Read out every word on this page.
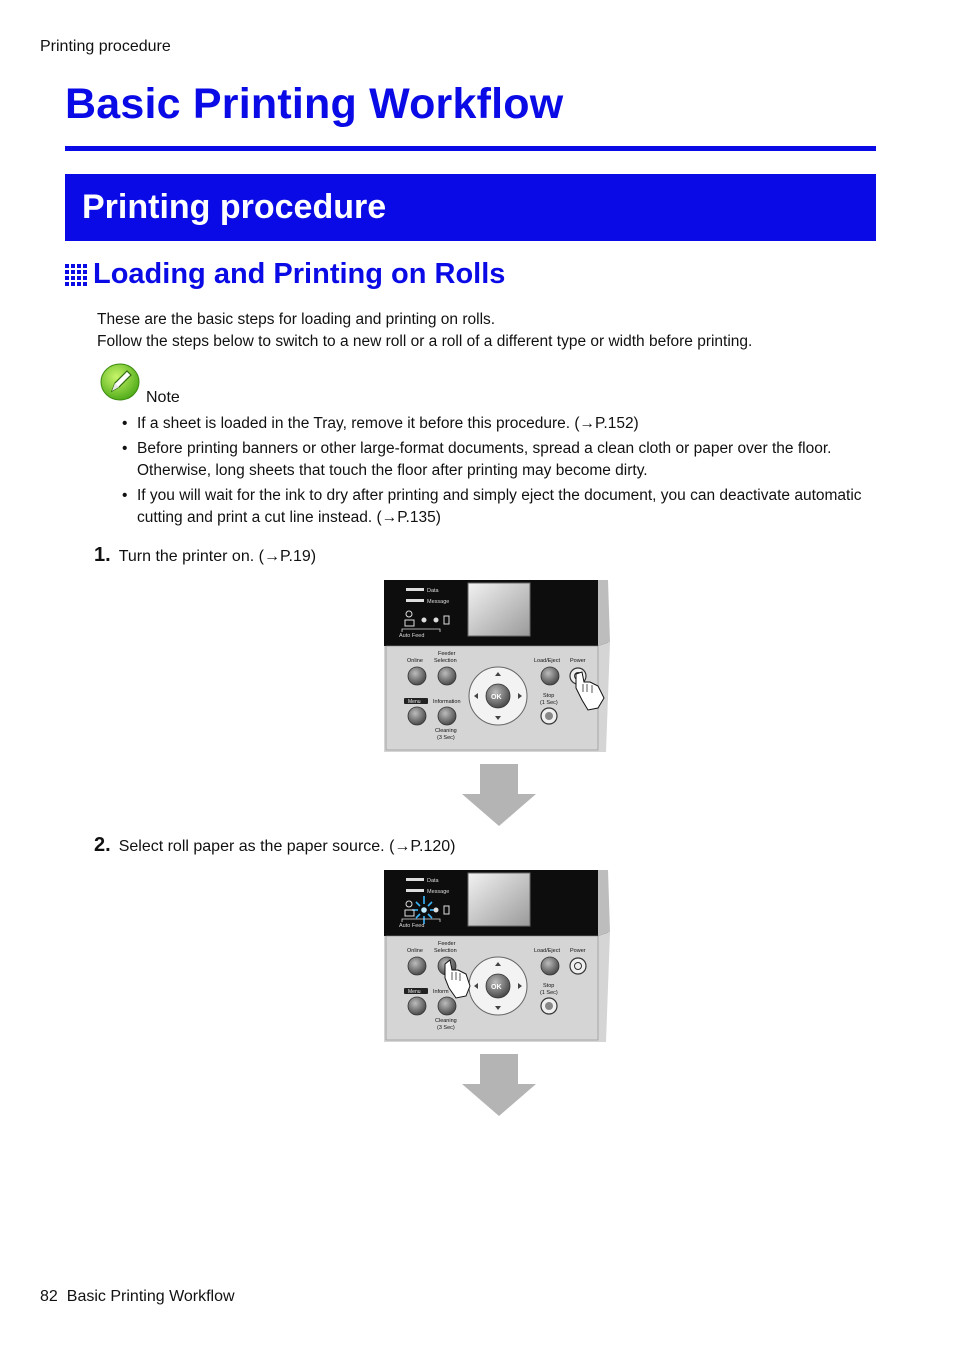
Printing procedure
Basic Printing Workflow
Printing procedure
Loading and Printing on Rolls

These are the basic steps for loading and printing on rolls.

Follow the steps below to switch to a new roll or a roll of a different type or width before printing.

Note
• If a sheet is loaded in the Tray, remove it before this procedure. (→P.152)
• Before printing banners or other large-format documents, spread a clean cloth or paper over the floor. Otherwise, long sheets that touch the floor after printing may become dirty.
• If you will wait for the ink to dry after printing and simply eject the document, you can deactivate automatic cutting and print a cut line instead. (→P.135)
1. Turn the printer on. (→P.19)
Data
Message
Auto Feed
Online
Feeder
Selection	Load/Eject Power
OK
Menu Information
Stop
(1 Sec)
Cleaning
(3 Sec)
2. Select roll paper as the paper source. (→P.120)
Data
Message
Auto Feed
Online
Feeder
Selection	Load/Eject Power
OK
Menu Inform
Stop
(1 Sec)
Cleaning
(3 Sec)
82 Basic Printing Workflow
